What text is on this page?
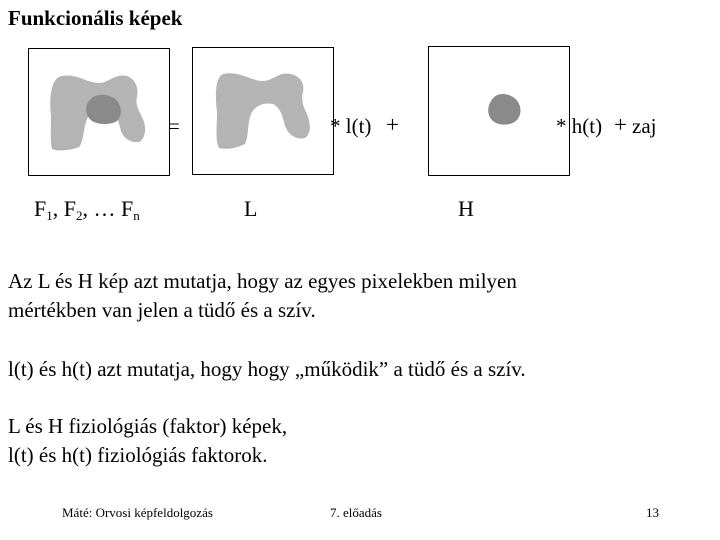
Funkcionális képek
=	* l(t) +	* h(t) + zaj
$F_1$, $F_2$, … $F_n$	L	H
Az L és H kép azt mutatja, hogy az egyes pixelekben milyen
mértékben van jelen a tüdő és a szív.
l(t) és h(t) azt mutatja, hogy hogy „működik” a tüdő és a szív.
L és H fiziológiás (faktor) képek,
l(t) és h(t) fiziológiás faktorok.
Máté: Orvosi képfeldolgozás	7. előadás	13
